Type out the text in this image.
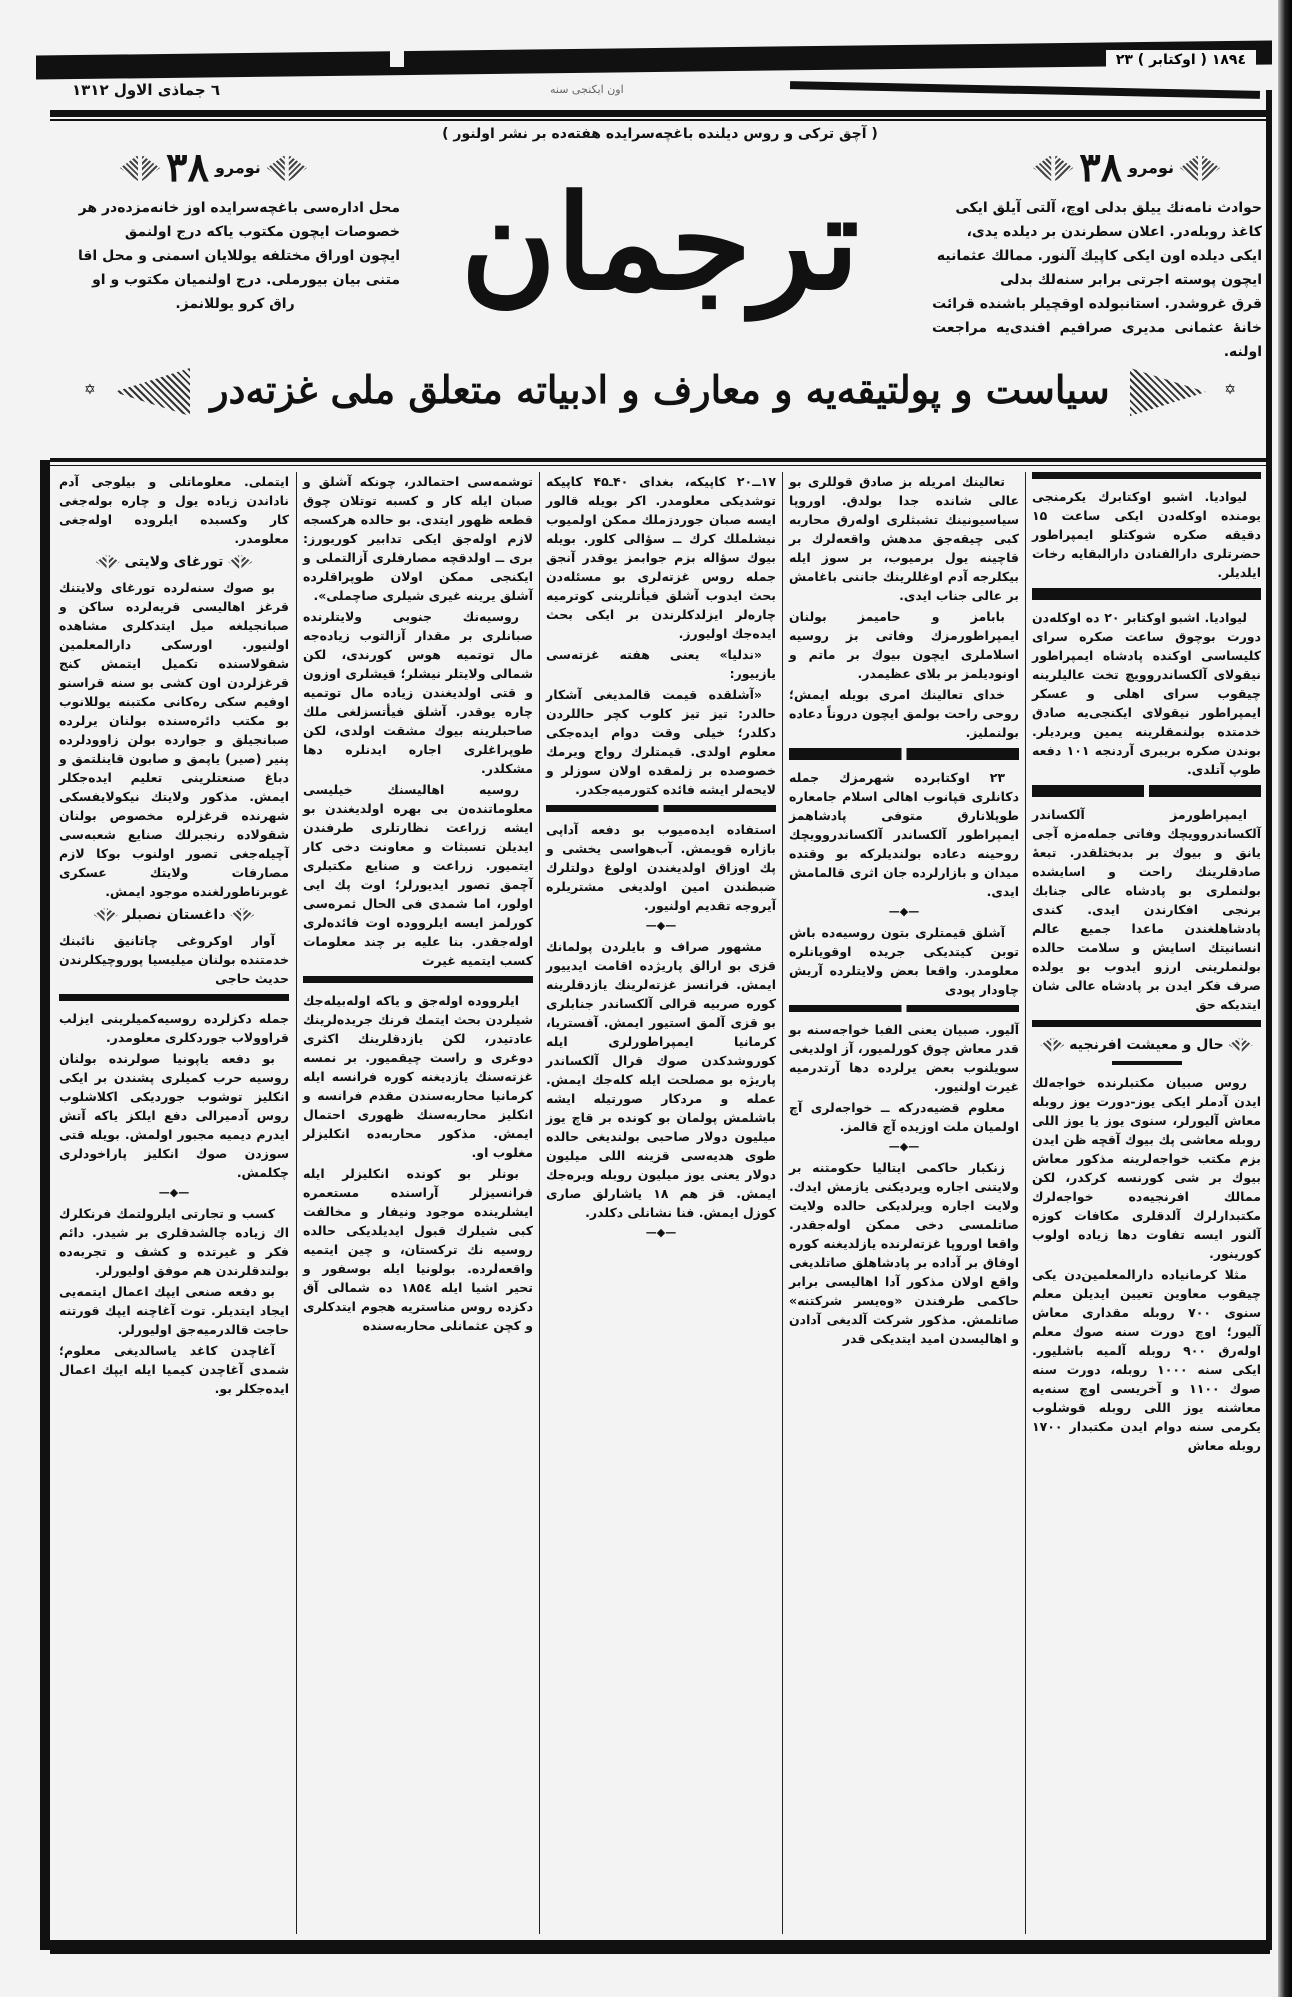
۱۸۹٤ ( اوکتابر ) ۲۳
٦ جماذی الاول ۱۳۱۲	اون ایکنجی سنه
( آچق ترکی و روس دیلنده باغچه‌سرایده هفته‌ده بر نشر اولنور )
نومرو
۳۸
نومرو
۳۸
حوادث نامه‌نك ییلق بدلی اوچ، آلتی آیلق ایکی
کاغذ روبله‌در. اعلان سطرندن بر دیلده یدی،
ایکی دیلده اون ایکی کاپیك آلنور. ممالك عثمانیه
ایچون پوسته اجرتی برابر سنه‌لك بدلی
قرق غروشدر. استانبولده اوقچیلر باشنده قرائت
خانهٔ عثمانی مدیری صرافیم افندی‌یه مراجعت اولنه.
محل اداره‌سی باغچه‌سرایده اوز خانه‌مزده‌در هر
خصوصات ایچون مکتوب یاکه درج اولنمق
ایچون اوراق مختلفه یوللایان اسمنی و محل اقا
متنی بیان بیورملی. درج اولنمیان مکتوب و او
راق کرو یوللانمز.	ترجمان
✡	سیاست و پولتیقه‌یه و معارف و ادبیاته متعلق ملی غزته‌در	✡

لیوادیا. اشبو اوکتابرك یکرمنجی یومنده اوکله‌دن ایکی ساعت ۱۵ دقیقه صکره شوکتلو ایمپراطور حضرتلری دارالفنادن دارالبقایه رخات ایلدیلر.

لیوادیا. اشبو اوکتابر ۲۰ ده اوکله‌دن دورت بوچوق ساعت صکره سرای کلیساسی اوکنده پادشاه ایمپراطور نیقولای آلکساندروویچ تخت عالیلرینه چیقوب سرای اهلی و عسکر ایمپراطور نیقولای ایکنجی‌یه صادق خدمتده بولنمقلرینه یمین ویردیلر. بوندن صکره بریبری آردنجه ۱۰۱ دفعه طوپ آتلدی.

ایمپراطورمز آلکساندر آلکساندروویچك وفاتی جمله‌مزه آجی یانق و بیوك بر بدبختلقدر. تبعهٔ صادقلرینك راحت و اسایشده بولنملری بو پادشاه عالی جنابك برنجی افکارندن ایدی. کندی پادشاهلغندن ماعدا جمیع عالم انسانیتك اسایش و سلامت حالده بولنملرینی ارزو ایدوب بو یولده صرف فکر ایدن بر پادشاه عالی شان ایتدیکه حق

حال و معیشت افرنجیه

روس صبیان مکتبلرنده خواجه‌لك ایدن آدملر ایکی یوز-دورت یوز روبله معاش آلیورلر، سنوی یوز یا یوز اللی روبله معاشی پك بیوك آقچه ظن ایدن بزم مکتب خواجه‌لرینه مذکور معاش بیوك بر شی کورنسه کرکدر، لکن ممالك افرنجیه‌ده خواجه‌لرك مکتبدارلرك آلدقلری مکافات کوزه آلنور ایسه تفاوت دها زیاده اولوب کورینور.

مثلا کرمانیاده دارالمعلمین‌دن یکی چیقوب معاوین تعیین ایدیلن معلم سنوی ۷۰۰ روبله مقداری معاش آلیور؛ اوچ دورت سنه صوك معلم اوله‌رق ۹۰۰ روبله آلمیه باشلیور. ایکی سنه ۱۰۰۰ روبله، دورت سنه صوك ۱۱۰۰ و آخریسی اوچ سنه‌یه معاشنه یوز اللی روبله قوشلوب یکرمی سنه دوام ایدن مکتبدار ۱۷۰۰ روبله معاش

تعالینك امریله بز صادق قوللری بو عالی شانده جدا بولدق. اوروپا سیاسیونینك تشبثلری اوله‌رق محاربه کبی چیقه‌جق مدهش واقعه‌لرك بر قاچینه یول برمیوب، بر سوز ایله بیکلرجه آدم اوغللرینك جاننی باغامش بر عالی جناب ایدی.

بابامز و حامیمز بولنان ایمپراطورمزك وفاتی بز روسیه اسلاملری ایچون بیوك بر ماتم و اونودیلمز بر بلای عظیمدر.

خدای تعالینك امری بویله ایمش؛ روحی راحت بولمق ایچون دروناً دعاده بولنملیز.

۲۳ اوکتابرده شهرمزك جمله دکانلری قپانوب اهالی اسلام جامعاره طوپلانارق متوفی پادشاهمز ایمپراطور آلکساندر آلکساندروویچك روحینه دعاده بولندیلرکه بو وقتده میدان و بازارلرده جان اثری قالمامش ایدی.

—◆—

آشلق قیمتلری بتون روسیه‌ده باش توبن کیتدیکی جریده اوقویانلره معلومدر. واقعا بعض ولایتلرده آریش چاودار پودی

آلیور. صبیان یعنی الفبا خواجه‌سنه بو قدر معاش چوق کورلمیور، آز اولدیغی سویلنوب بعض یرلرده دها آرتدرمیه غیرت اولنیور.

معلوم قضیه‌درکه ــ خواجه‌لری آچ اولمیان ملت اوزیده آچ قالمز.

—◆—

زنکبار حاکمی ایتالیا حکومتنه بر ولایتنی اجاره ویردیکنی یازمش ایدك. ولایت اجاره ویرلدیکی حالده ولایت صاتلمسی دخی ممکن اوله‌جقدر. واقعا اوروپا غزته‌لرنده یازلدیغنه کوره اوفاق بر آداده بر پادشاهلق صاتلدیغی واقع اولان مذکور آدا اهالیسی برابر حاکمی طرفندن «وه‌یسر شرکتنه» صاتلمش. مذکور شرکت آلدیغی آدادن و اهالیسدن امید ایتدیکی قدر

۱۷ــ۲۰ کاپیکه، بغدای ۴۰ـ۴۵ کاپیکه توشدیکی معلومدر. اکر بویله قالور ایسه صبان جوردزملك ممکن اولمیوب نیشلملك کرك ــ سؤالی کلور. بویله بیوك سؤاله بزم جوابمز یوقدر آنجق جمله روس غزته‌لری بو مسئله‌دن بحث ایدوب آشلق فیأتلرینی کوترمیه چاره‌لر ایزلدکلرندن بر ایکی بحث ایده‌جك اولیورز.

«ندلیا» یعنی هفته غزته‌سی یازییور:

«آشلقده قیمت قالمدیغی آشکار حالدر: تیز تیز کلوب کچر حاللردن دکلدر؛ خیلی وقت دوام ایده‌جکی معلوم اولدی. قیمتلرك رواج ویرمك خصوصده بر زلمقده اولان سوزلر و لایحه‌لر ایشه فائده کتورمیه‌جکدر.

استفاده ایده‌میوب بو دفعه آداپی بازاره قویمش. آب‌هواسی یخشی و پك اوزاق اولدیغندن اولوغ دولتلرك ضبطندن امین اولدیغی مشتریلره آیروجه تقدیم اولنیور.

—◆—

مشهور صراف و بایلردن پولمانك قزی بو ارالق پاریژده اقامت ایدییور ایمش. فرانسز غزته‌لرینك یازدقلرینه کوره صربیه قرالی آلکساندر جنابلری بو قزی آلمق استیور ایمش. آفستریا، کرمانیا ایمپراطورلری ایله کوروشدکدن صوك قرال آلکساندر پاریژه بو مصلحت ایله کله‌جك ایمش. عمله و مردکار صورتیله ایشه باشلمش پولمان بو کونده بر قاچ یوز میلیون دولار صاحبی بولندیغی حالده طوی هدیه‌سی قزینه اللی میلیون دولار یعنی یوز میلیون روبله ویره‌جك ایمش. قز هم ۱۸ یاشارلق صاری کوزل ایمش. فنا نشانلی دکلدر.

—◆—

توشمه‌سی احتمالدر، چونکه آشلق و صبان ایله کار و کسبه توتلان چوق قطعه ظهور ایتدی. بو حالده هرکسجه لازم اوله‌جق ایکی تدابیر کوریورز: بری ــ اولدقچه مصارفلری آزالتملی و ایکنجی ممکن اولان طوپراقلرده آشلق یرینه غیری شیلری صاچملی».

روسیه‌نك جنوبی ولایتلرنده صبانلری بر مقدار آزالتوب زیاده‌جه مال توتمیه هوس کورندی، لکن شمالی ولایتلر نیشلر؛ قیشلری اوزون و قتی اولدیغندن زیاده مال توتمیه چاره یوقدر. آشلق فیأتسزلغی ملك صاحبلرینه بیوك مشقت اولدی، لکن طوپراغلری اجاره ایدنلره دها مشکلدر.

روسیه اهالیسنك خیلیسی معلوماتنده‌ن بی بهره اولدیغندن بو ایشه زراعت نظارتلری طرفندن ایدیلن تسبثات و معاونت دخی کار ایتمیور. زراعت و صنایع مکتبلری آچمق تصور ایدیورلر؛ اوت پك ایی اولور، اما شمدی فی الحال ثمره‌سی کورلمز ایسه ایلرووده اوت فائده‌لری اوله‌جقدر. بنا علیه بر چند معلومات کسب ایتمیه غیرت

ایلرووده اوله‌جق و یاکه اوله‌بیله‌جك شیلردن بحث ایتمك فرنك جریده‌لرینك عادتیدر، لکن یازدقلرینك اکثری دوغری و راست چیقمیور. بر نمسه غزته‌سنك یازدیغنه کوره فرانسه ایله کرمانیا محاربه‌سندن مقدم فرانسه و انکلیز محاربه‌سنك ظهوری احتمال ایمش. مذکور محاربه‌ده انکلیزلر مغلوب او.

بونلر بو کونده انکلیزلر ایله فرانسیزلر آراسنده مستعمره ایشلرینده موجود ونیفار و مخالفت کبی شیلرك قبول ایدیلدیکی حالده روسیه نك ترکستان، و چین ایتمیه واقعه‌لرده. بولونیا ایله بوسفور و تحیر اشیا ایله ۱۸۵٤ ده شمالی آق دکزده روس مناستریه هجوم ایتدکلری و کچن عثمانلی محاربه‌سنده

ایتملی. معلوماتلی و بیلوجی آدم ناداندن زیاده یول و چاره بوله‌جغی کار وکسبده ایلروده اوله‌جغی معلومدر.

تورغای ولایتی

بو صوك سنه‌لرده تورغای ولایتنك قرغز اهالیسی قریه‌لرده ساکن و صبانجیلغه میل ایتدکلری مشاهده اولنیور. اورسکی دارالمعلمین شقولاسنده تکمیل ایتمش کنج قرغزلردن اون کشی بو سنه قراسنو اوفیم سکی ره‌کانی مکتبنه یوللانوب بو مکتب دائره‌سنده بولنان یرلرده صبانجیلق و جوارده بولن زاوودلرده پنیر (صیر) یاپمق و صابون قاینلتمق و دباغ صنعتلرینی تعلیم ایده‌جکلر ایمش. مذکور ولایتك نیکولایفسکی شهرنده قرغزلره مخصوص بولنان شقولاده رنجبرلك صنایع شعبه‌سی آچیله‌جغی تصور اولنوب بوکا لازم مصارفات ولایتك عسکری غوبرناطورلغنده موجود ایمش.

داغستان نصبلر

آوار اوکروغی چاتانیق نائبنك خدمتنده بولنان میلیسیا پوروچیکلرندن حدیث حاجی

جمله دکزلرده روسیه‌کمیلرینی ایزلب قراوولاب جوردکلری معلومدر.

بو دفعه یاپونیا صولرنده بولنان روسیه حرب کمیلری پشندن بر ایکی انکلیز توشوب جوردیکی اکلاشلوب روس آدمیرالی دفع ایلکز یاکه آتش ایدرم دیمیه مجبور اولمش. بویله قتی سوزدن صوك انکلیز پاراخودلری چکلمش.

—◆—

کسب و تجارتی ایلرولتمك فرنکلرك اك زیاده چالشدقلری بر شیدر. دائم فکر و غیرتده و کشف و تجربه‌ده بولندقلرندن هم موفق اولیورلر.

بو دفعه صنعی ایپك اعمال ایتمه‌یی ایجاد ایتدیلر. توت آغاچنه ایپك قورتنه حاجت قالدرمیه‌جق اولیورلر.

آغاچدن کاغد یاسالدیغی معلوم؛ شمدی آغاچدن کیمیا ایله ایپك اعمال ایده‌جکلر بو.
